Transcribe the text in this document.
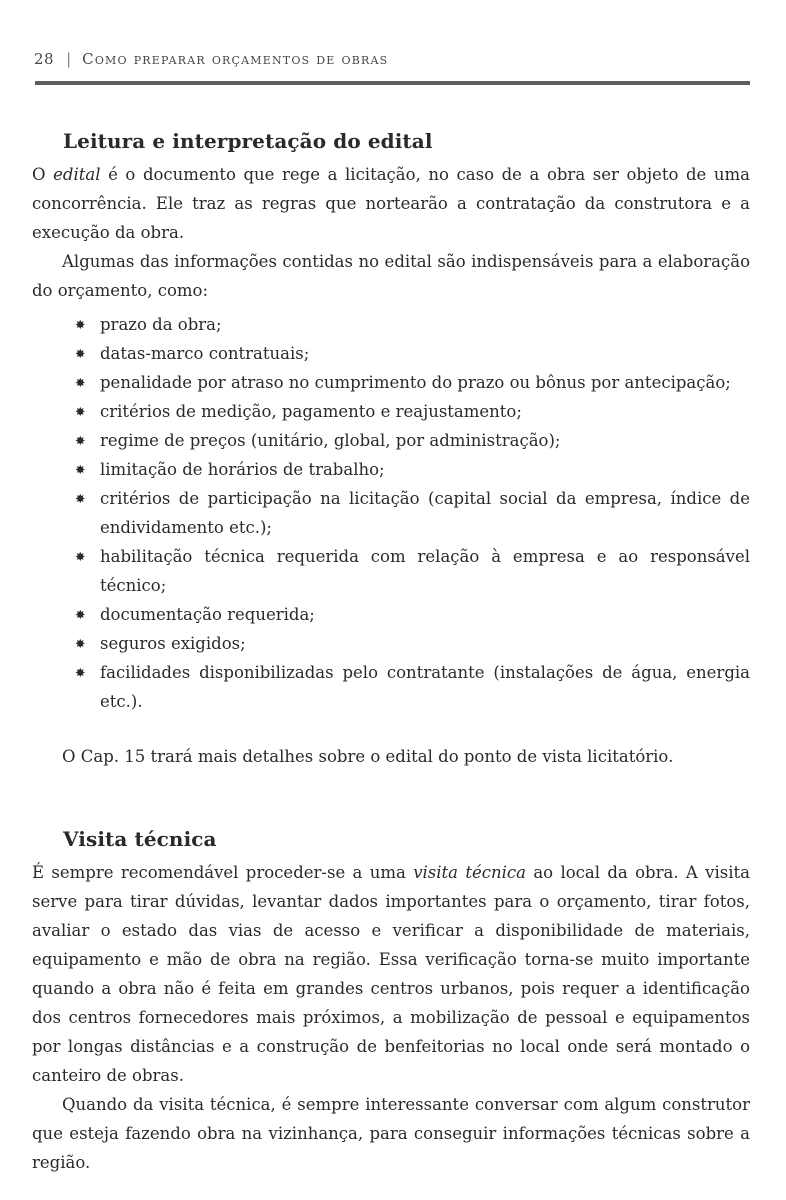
28 | Como preparar orçamentos de obras
Leitura e interpretação do edital

O edital é o documento que rege a licitação, no caso de a obra ser objeto de uma concorrência. Ele traz as regras que nortearão a contratação da construtora e a execução da obra.

Algumas das informações contidas no edital são indispensáveis para a elaboração do orçamento, como:

✸ prazo da obra;
✸ datas-marco contratuais;
✸ penalidade por atraso no cumprimento do prazo ou bônus por antecipação;
✸ critérios de medição, pagamento e reajustamento;
✸ regime de preços (unitário, global, por administração);
✸ limitação de horários de trabalho;
✸ critérios de participação na licitação (capital social da empresa, índice de endividamento etc.);
✸ habilitação técnica requerida com relação à empresa e ao responsável técnico;
✸ documentação requerida;
✸ seguros exigidos;
✸ facilidades disponibilizadas pelo contratante (instalações de água, energia etc.).

O Cap. 15 trará mais detalhes sobre o edital do ponto de vista licitatório.

Visita técnica

É sempre recomendável proceder-se a uma visita técnica ao local da obra. A visita serve para tirar dúvidas, levantar dados importantes para o orçamento, tirar fotos, avaliar o estado das vias de acesso e verificar a disponibilidade de materiais, equipamento e mão de obra na região. Essa verificação torna-se muito importante quando a obra não é feita em grandes centros urbanos, pois requer a identificação dos centros fornecedores mais próximos, a mobilização de pessoal e equipamentos por longas distâncias e a construção de benfeitorias no local onde será montado o canteiro de obras.

Quando da visita técnica, é sempre interessante conversar com algum construtor que esteja fazendo obra na vizinhança, para conseguir informações técnicas sobre a região.
